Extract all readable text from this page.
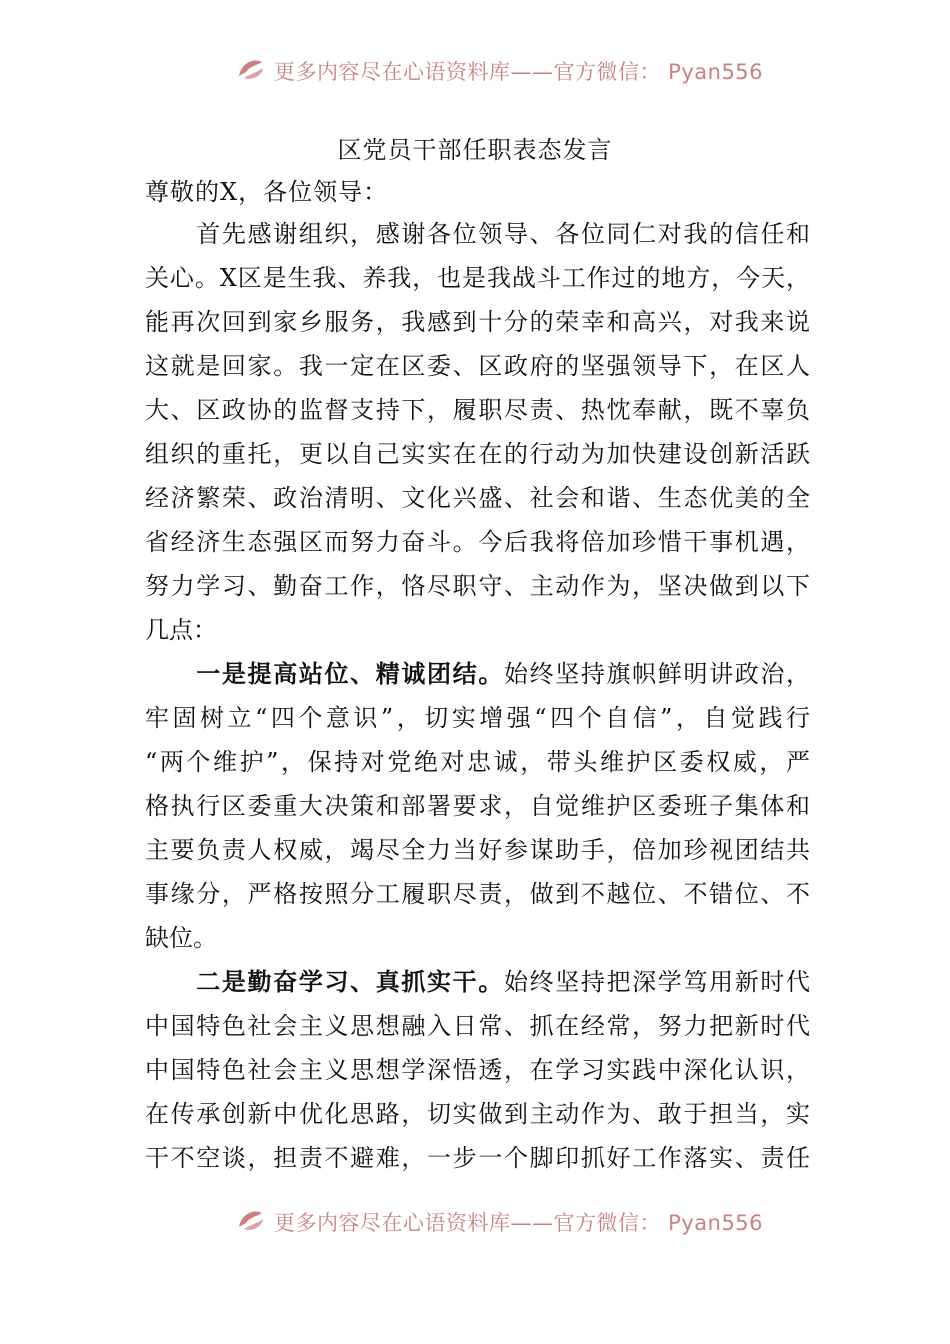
更多内容尽在心语资料库——官方微信： Pyan556
区党员干部任职表态发言
尊敬的X，各位领导：
　　首先感谢组织，感谢各位领导、各位同仁对我的信任和
关心。X区是生我、养我，也是我战斗工作过的地方，今天，
能再次回到家乡服务，我感到十分的荣幸和高兴，对我来说
这就是回家。我一定在区委、区政府的坚强领导下，在区人
大、区政协的监督支持下，履职尽责、热忱奉献，既不辜负
组织的重托，更以自己实实在在的行动为加快建设创新活跃
经济繁荣、政治清明、文化兴盛、社会和谐、生态优美的全
省经济生态强区而努力奋斗。今后我将倍加珍惜干事机遇，
努力学习、勤奋工作，恪尽职守、主动作为，坚决做到以下
几点：
　　一是提高站位、精诚团结。始终坚持旗帜鲜明讲政治，
牢固树立“四个意识”，切实增强“四个自信”，自觉践行
“两个维护”，保持对党绝对忠诚，带头维护区委权威，严
格执行区委重大决策和部署要求，自觉维护区委班子集体和
主要负责人权威，竭尽全力当好参谋助手，倍加珍视团结共
事缘分，严格按照分工履职尽责，做到不越位、不错位、不
缺位。
　　二是勤奋学习、真抓实干。始终坚持把深学笃用新时代
中国特色社会主义思想融入日常、抓在经常，努力把新时代
中国特色社会主义思想学深悟透，在学习实践中深化认识，
在传承创新中优化思路，切实做到主动作为、敢于担当，实
干不空谈，担责不避难，一步一个脚印抓好工作落实、责任
更多内容尽在心语资料库——官方微信： Pyan556
